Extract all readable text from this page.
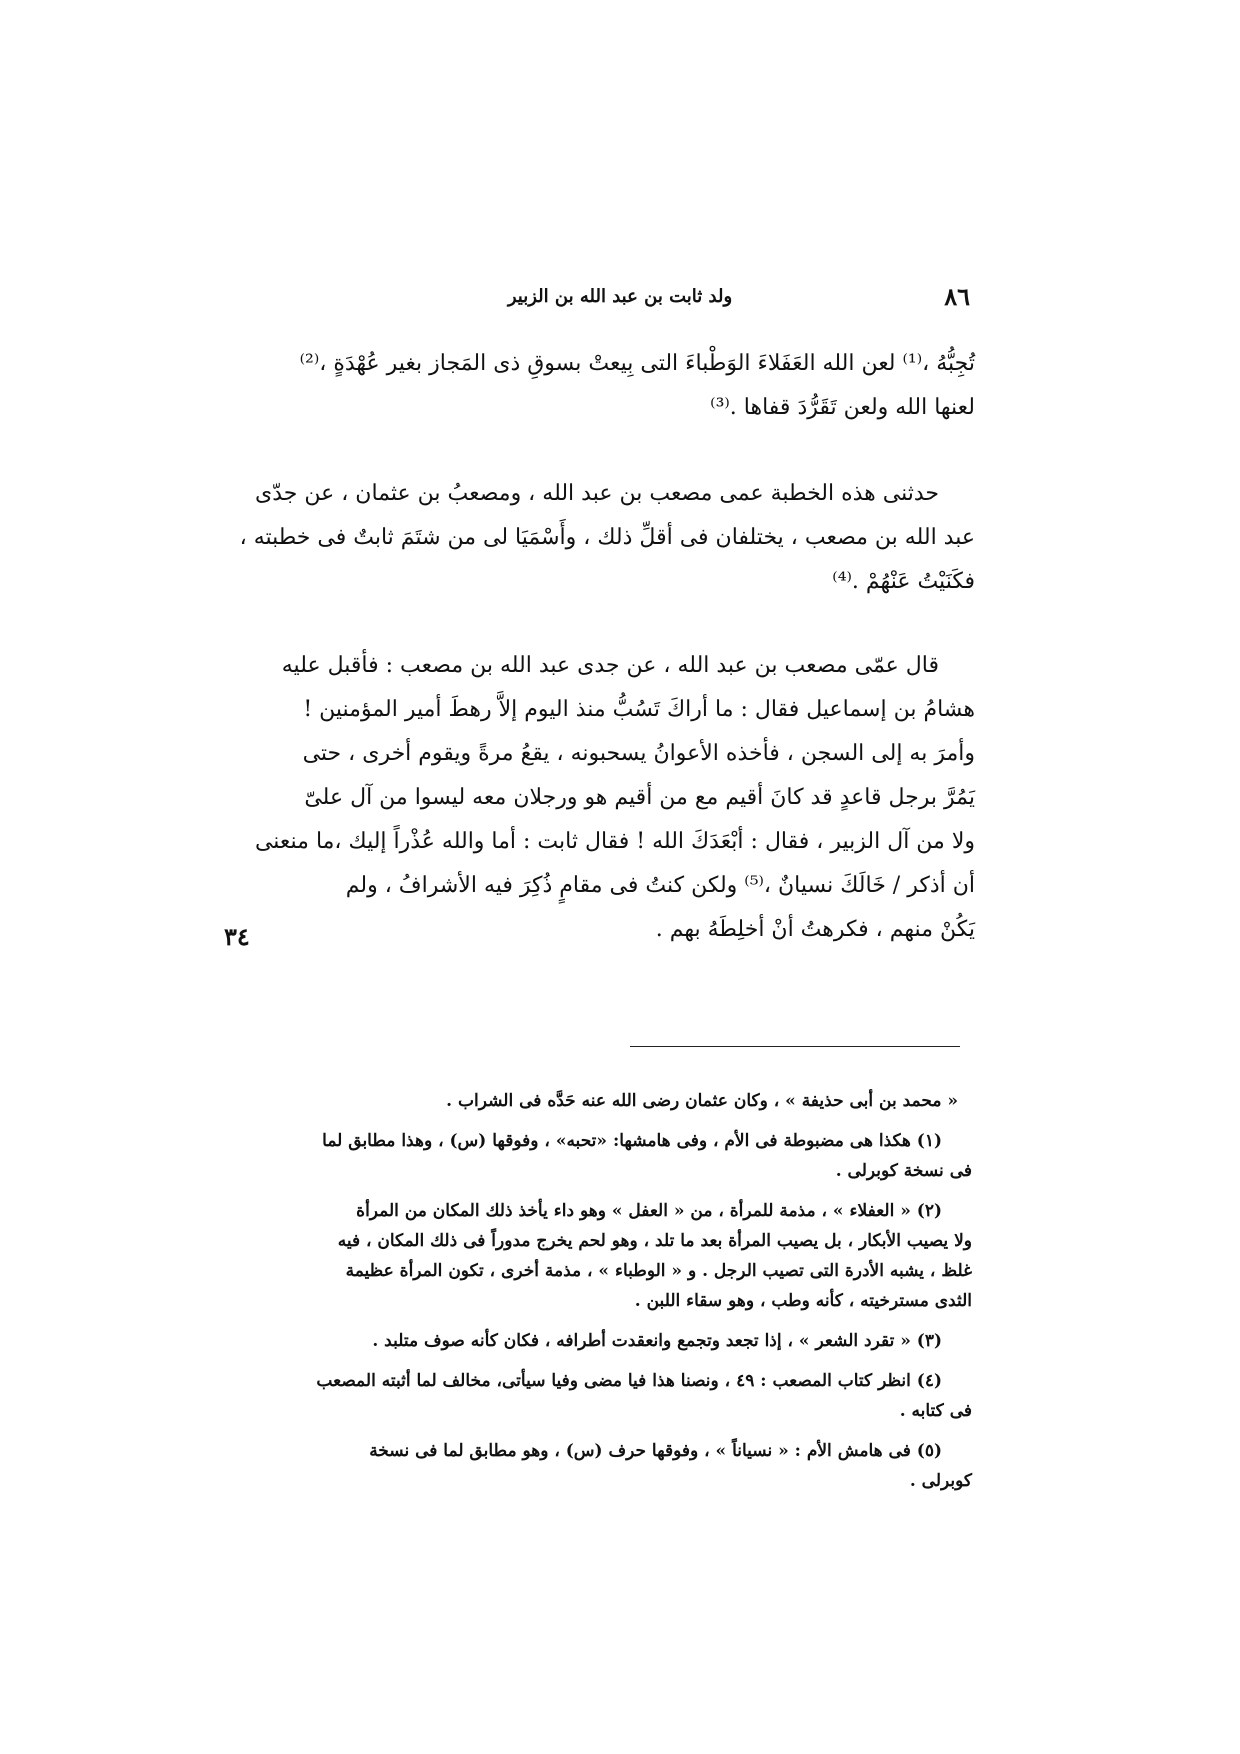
٨٦
ولد ثابت بن عبد الله بن الزبير
تُجِبُّهُ ،⁽¹⁾ لعن الله العَفَلاءَ الوَطْباءَ التى بِيعتْ بسوقِ ذى المَجاز بغير عُهْدَةٍ ،⁽²⁾
لعنها الله ولعن تَقَرُّدَ قفاها .⁽³⁾
حدثنى هذه الخطبة عمى مصعب بن عبد الله ، ومصعبُ بن عثمان ، عن جدّى
عبد الله بن مصعب ، يختلفان فى أقلِّ ذلك ، وأَسْمَيَا لى من شتَمَ ثابتٌ فى خطبته ،
فكَنَيْتُ عَنْهُمْ .⁽⁴⁾
قال عمّى مصعب بن عبد الله ، عن جدى عبد الله بن مصعب : فأقبل عليه
هشامُ بن إسماعيل فقال : ما أراكَ تَسُبُّ منذ اليوم إلاَّ رهطَ أمير المؤمنين !
وأمرَ به إلى السجن ، فأخذه الأعوانُ يسحبونه ، يقعُ مرةً ويقوم أخرى ، حتى
يَمُرَّ برجل قاعدٍ قد كانَ أقيم مع من أقيم هو ورجلان معه ليسوا من آل علىّ
ولا من آل الزبير ، فقال : أبْعَدَكَ الله ! فقال ثابت : أما والله عُذْراً إليك ،ما منعنى
أن أذكر / خَالَكَ نسيانٌ ،⁽⁵⁾ ولكن كنتُ فى مقامٍ ذُكِرَ فيه الأشرافُ ، ولم
يَكُنْ منهم ، فكرهتُ أنْ أخلِطَهُ بهم .
٣٤
« محمد بن أبى حذيفة » ، وكان عثمان رضى الله عنه حَدَّه فى الشراب .
(١) هكذا هى مضبوطة فى الأم ، وفى هامشها: «تحبه» ، وفوقها (س) ، وهذا مطابق لما
فى نسخة كوبرلى .
(٢) « العفلاء » ، مذمة للمرأة ، من « العفل » وهو داء يأخذ ذلك المكان من المرأة
ولا يصيب الأبكار ، بل يصيب المرأة بعد ما تلد ، وهو لحم يخرج مدوراً فى ذلك المكان ، فيه
غلظ ، يشبه الأدرة التى تصيب الرجل . و « الوطباء » ، مذمة أخرى ، تكون المرأة عظيمة
الثدى مسترخيته ، كأنه وطب ، وهو سقاء اللبن .
(٣) « تقرد الشعر » ، إذا تجعد وتجمع وانعقدت أطرافه ، فكان كأنه صوف متلبد .
(٤) انظر كتاب المصعب : ٤٩ ، ونصنا هذا فيا مضى وفيا سيأتى، مخالف لما أثبته المصعب
فى كتابه .
(٥) فى هامش الأم : « نسياناً » ، وفوقها حرف (س) ، وهو مطابق لما فى نسخة
كوبرلى .
